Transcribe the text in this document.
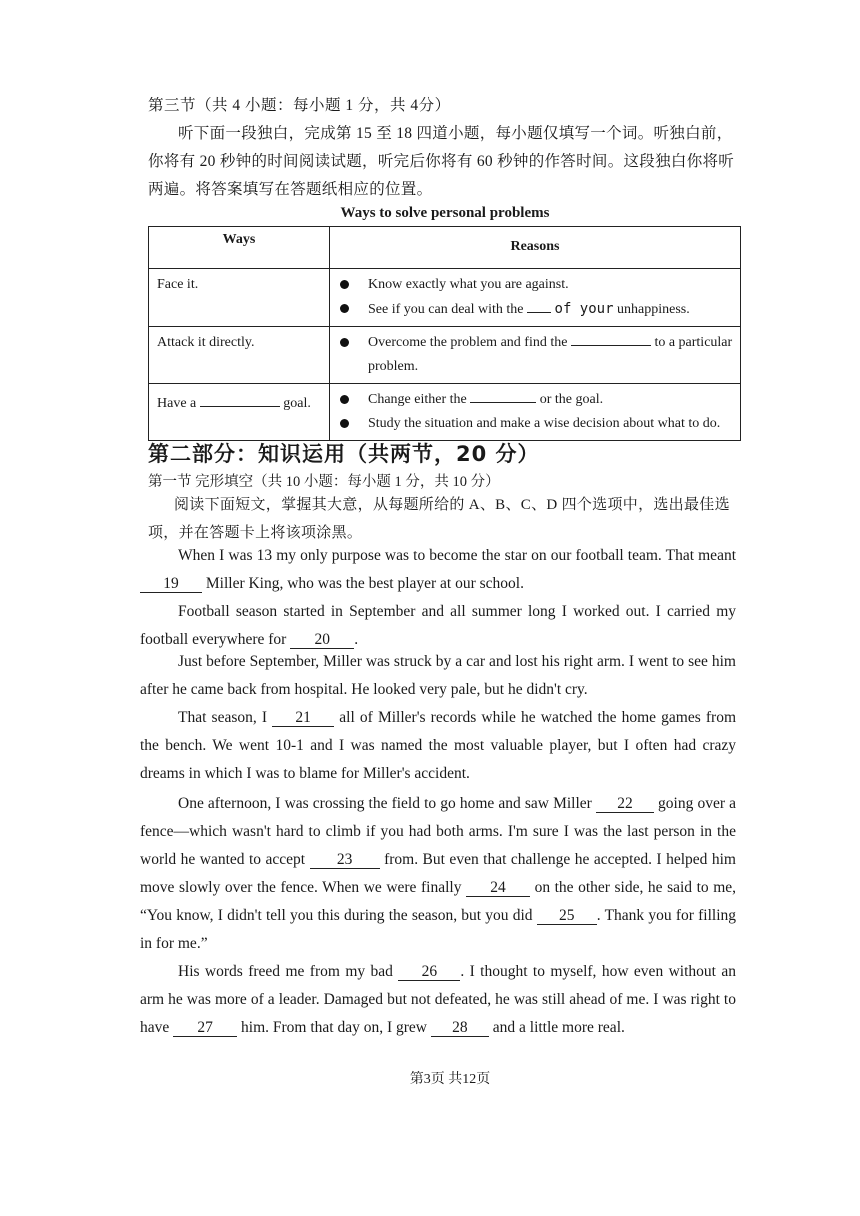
第三节（共 4 小题：每小题 1 分，共 4分）
听下面一段独白，完成第 15 至 18 四道小题，每小题仅填写一个词。听独白前，你将有 20 秒钟的时间阅读试题，听完后你将有 60 秒钟的作答时间。这段独白你将听两遍。将答案填写在答题纸相应的位置。
Ways to solve personal problems
Ways	Reasons
Face it.	Know exactly what you are against.
See if you can deal with the  of your unhappiness.

Attack it directly.	Overcome the problem and find the to a particular problem.

Have a goal.	Change either the or the goal.
Study the situation and make a wise decision about what to do.
第二部分：知识运用（共两节，20 分）
第一节 完形填空（共 10 小题：每小题 1 分，共 10 分）
阅读下面短文，掌握其大意，从每题所给的 A、B、C、D 四个选项中，选出最佳选项，并在答题卡上将该项涂黑。
When I was 13 my only purpose was to become the star on our football team. That meant 19 Miller King, who was the best player at our school.
Football season started in September and all summer long I worked out. I carried my football everywhere for 20 .
Just before September, Miller was struck by a car and lost his right arm. I went to see him after he came back from hospital. He looked very pale, but he didn't cry.
That season, I 21 all of Miller's records while he watched the home games from the bench. We went 10-1 and I was named the most valuable player, but I often had crazy dreams in which I was to blame for Miller's accident.
One afternoon, I was crossing the field to go home and saw Miller 22 going over a fence—which wasn't hard to climb if you had both arms. I'm sure I was the last person in the world he wanted to accept 23 from. But even that challenge he accepted. I helped him move slowly over the fence. When we were finally 24 on the other side, he said to me, “You know, I didn't tell you this during the season, but you did 25 . Thank you for filling in for me.”
His words freed me from my bad 26 . I thought to myself, how even without an arm he was more of a leader. Damaged but not defeated, he was still ahead of me. I was right to have 27 him. From that day on, I grew 28 and a little more real.
第3页 共12页
